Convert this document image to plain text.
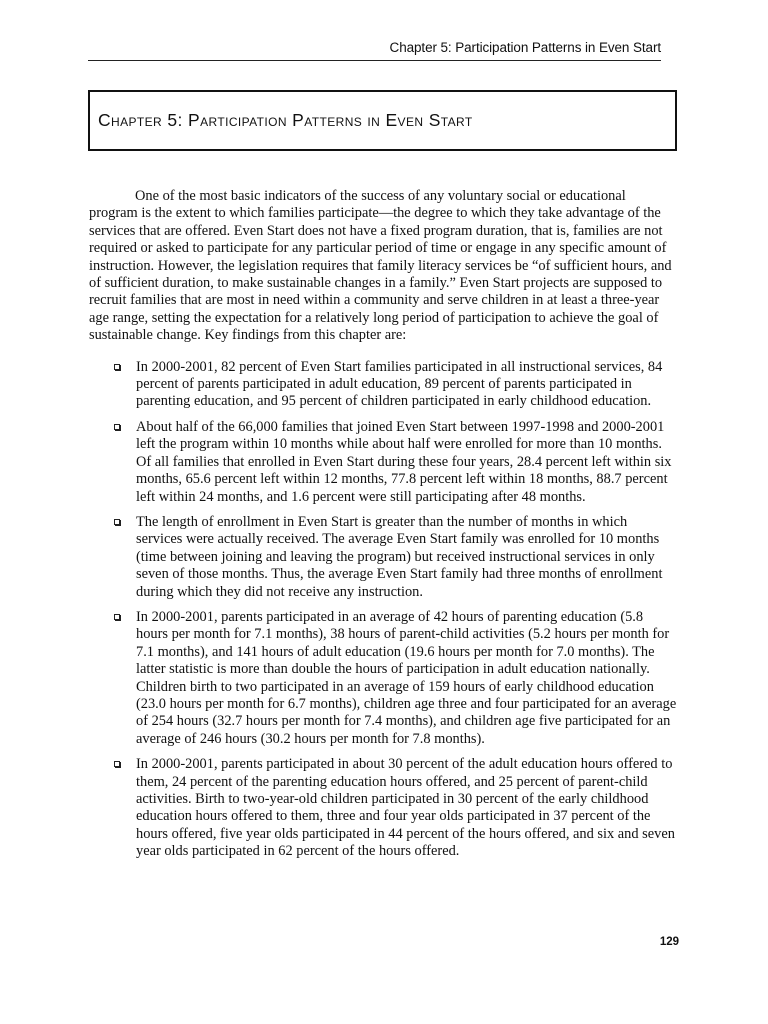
Chapter 5: Participation Patterns in Even Start
Chapter 5: Participation Patterns in Even Start

One of the most basic indicators of the success of any voluntary social or educational program is the extent to which families participate—the degree to which they take advantage of the services that are offered. Even Start does not have a fixed program duration, that is, families are not required or asked to participate for any particular period of time or engage in any specific amount of instruction. However, the legislation requires that family literacy services be “of sufficient hours, and of sufficient duration, to make sustainable changes in a family.” Even Start projects are supposed to recruit families that are most in need within a community and serve children in at least a three-year age range, setting the expectation for a relatively long period of participation to achieve the goal of sustainable change. Key findings from this chapter are:

In 2000-2001, 82 percent of Even Start families participated in all instructional services, 84 percent of parents participated in adult education, 89 percent of parents participated in parenting education, and 95 percent of children participated in early childhood education.
About half of the 66,000 families that joined Even Start between 1997-1998 and 2000-2001 left the program within 10 months while about half were enrolled for more than 10 months. Of all families that enrolled in Even Start during these four years, 28.4 percent left within six months, 65.6 percent left within 12 months, 77.8 percent left within 18 months, 88.7 percent left within 24 months, and 1.6 percent were still participating after 48 months.
The length of enrollment in Even Start is greater than the number of months in which services were actually received. The average Even Start family was enrolled for 10 months (time between joining and leaving the program) but received instructional services in only seven of those months. Thus, the average Even Start family had three months of enrollment during which they did not receive any instruction.
In 2000-2001, parents participated in an average of 42 hours of parenting education (5.8 hours per month for 7.1 months), 38 hours of parent-child activities (5.2 hours per month for 7.1 months), and 141 hours of adult education (19.6 hours per month for 7.0 months). The latter statistic is more than double the hours of participation in adult education nationally. Children birth to two participated in an average of 159 hours of early childhood education (23.0 hours per month for 6.7 months), children age three and four participated for an average of 254 hours (32.7 hours per month for 7.4 months), and children age five participated for an average of 246 hours (30.2 hours per month for 7.8 months).
In 2000-2001, parents participated in about 30 percent of the adult education hours offered to them, 24 percent of the parenting education hours offered, and 25 percent of parent-child activities. Birth to two-year-old children participated in 30 percent of the early childhood education hours offered to them, three and four year olds participated in 37 percent of the hours offered, five year olds participated in 44 percent of the hours offered, and six and seven year olds participated in 62 percent of the hours offered.
129
